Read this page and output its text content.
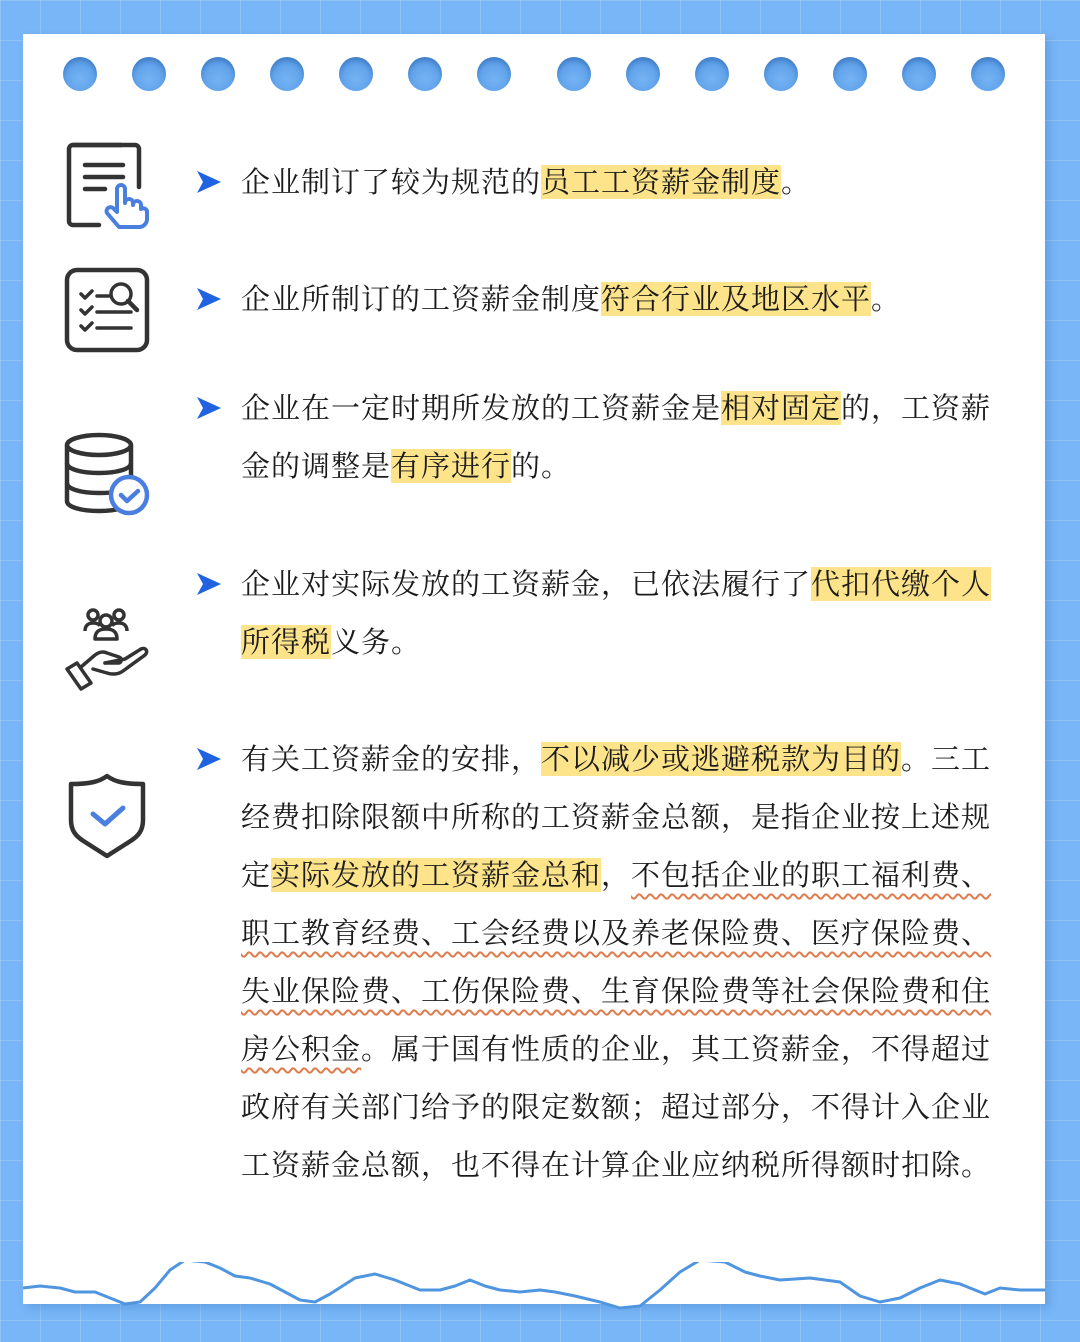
企业制订了较为规范的员工工资薪金制度。
企业所制订的工资薪金制度符合行业及地区水平。
企业在一定时期所发放的工资薪金是相对固定的，工资薪金的调整是有序进行的。
企业对实际发放的工资薪金，已依法履行了代扣代缴个人所得税义务。
有关工资薪金的安排，不以减少或逃避税款为目的。三工经费扣除限额中所称的工资薪金总额，是指企业按上述规定实际发放的工资薪金总和，不包括企业的职工福利费、职工教育经费、工会经费以及养老保险费、医疗保险费、失业保险费、工伤保险费、生育保险费等社会保险费和住房公积金。属于国有性质的企业，其工资薪金，不得超过政府有关部门给予的限定数额；超过部分，不得计入企业工资薪金总额，也不得在计算企业应纳税所得额时扣除。
